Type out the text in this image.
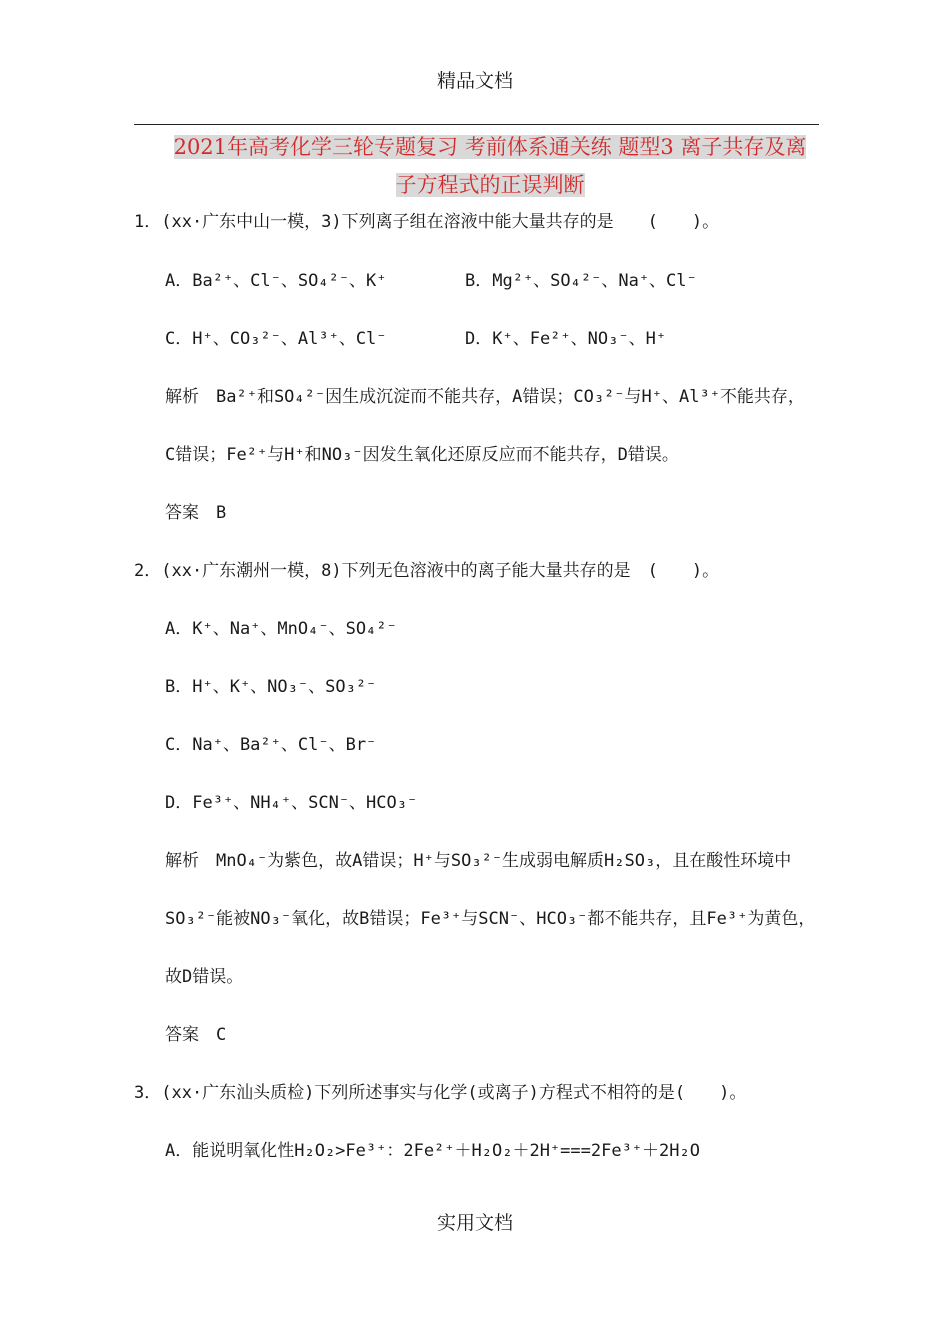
精品文档
2021年高考化学三轮专题复习 考前体系通关练 题型3 离子共存及离
子方程式的正误判断
1．(xx·广东中山一模，3)下列离子组在溶液中能大量共存的是　　(　　)。
A．Ba²⁺、Cl⁻、SO₄²⁻、K⁺	B．Mg²⁺、SO₄²⁻、Na⁺、Cl⁻
C．H⁺、CO₃²⁻、Al³⁺、Cl⁻	D．K⁺、Fe²⁺、NO₃⁻、H⁺
解析　Ba²⁺和SO₄²⁻因生成沉淀而不能共存，A错误；CO₃²⁻与H⁺、Al³⁺不能共存，
C错误；Fe²⁺与H⁺和NO₃⁻因发生氧化还原反应而不能共存，D错误。
答案　B
2．(xx·广东潮州一模，8)下列无色溶液中的离子能大量共存的是　(　　)。
A．K⁺、Na⁺、MnO₄⁻、SO₄²⁻
B．H⁺、K⁺、NO₃⁻、SO₃²⁻
C．Na⁺、Ba²⁺、Cl⁻、Br⁻
D．Fe³⁺、NH₄⁺、SCN⁻、HCO₃⁻
解析　MnO₄⁻为紫色，故A错误；H⁺与SO₃²⁻生成弱电解质H₂SO₃，且在酸性环境中
SO₃²⁻能被NO₃⁻氧化，故B错误；Fe³⁺与SCN⁻、HCO₃⁻都不能共存，且Fe³⁺为黄色，
故D错误。
答案　C
3．(xx·广东汕头质检)下列所述事实与化学(或离子)方程式不相符的是(　　)。
A．能说明氧化性H₂O₂>Fe³⁺：2Fe²⁺＋H₂O₂＋2H⁺===2Fe³⁺＋2H₂O
实用文档
